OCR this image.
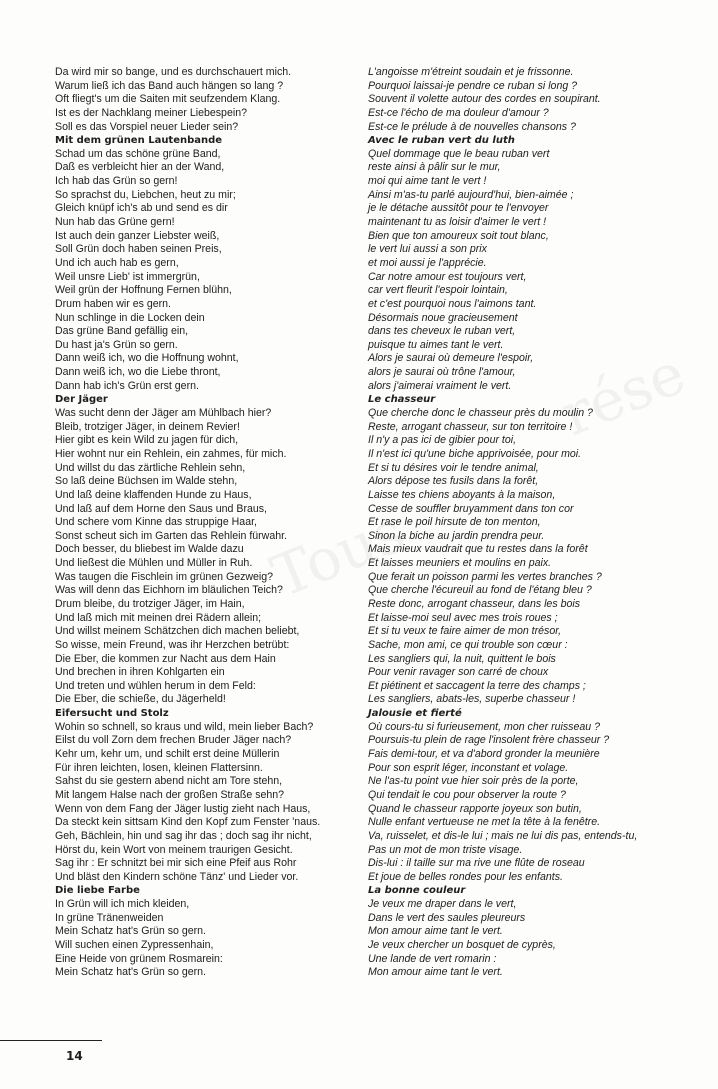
Tous
rése
Da wird mir so bange, und es durchschauert mich.
Warum ließ ich das Band auch hängen so lang ?
Oft fliegt's um die Saiten mit seufzendem Klang.
Ist es der Nachklang meiner Liebespein?
Soll es das Vorspiel neuer Lieder sein?
Mit dem grünen Lautenbande
Schad um das schöne grüne Band,
Daß es verbleicht hier an der Wand,
Ich hab das Grün so gern!
So sprachst du, Liebchen, heut zu mir;
Gleich knüpf ich's ab und send es dir
Nun hab das Grüne gern!
Ist auch dein ganzer Liebster weiß,
Soll Grün doch haben seinen Preis,
Und ich auch hab es gern,
Weil unsre Lieb' ist immergrün,
Weil grün der Hoffnung Fernen blühn,
Drum haben wir es gern.
Nun schlinge in die Locken dein
Das grüne Band gefällig ein,
Du hast ja's Grün so gern.
Dann weiß ich, wo die Hoffnung wohnt,
Dann weiß ich, wo die Liebe thront,
Dann hab ich's Grün erst gern.
Der Jäger
Was sucht denn der Jäger am Mühlbach hier?
Bleib, trotziger Jäger, in deinem Revier!
Hier gibt es kein Wild zu jagen für dich,
Hier wohnt nur ein Rehlein, ein zahmes, für mich.
Und willst du das zärtliche Rehlein sehn,
So laß deine Büchsen im Walde stehn,
Und laß deine klaffenden Hunde zu Haus,
Und laß auf dem Horne den Saus und Braus,
Und schere vom Kinne das struppige Haar,
Sonst scheut sich im Garten das Rehlein fürwahr.
Doch besser, du bliebest im Walde dazu
Und ließest die Mühlen und Müller in Ruh.
Was taugen die Fischlein im grünen Gezweig?
Was will denn das Eichhorn im bläulichen Teich?
Drum bleibe, du trotziger Jäger, im Hain,
Und laß mich mit meinen drei Rädern allein;
Und willst meinem Schätzchen dich machen beliebt,
So wisse, mein Freund, was ihr Herzchen betrübt:
Die Eber, die kommen zur Nacht aus dem Hain
Und brechen in ihren Kohlgarten ein
Und treten und wühlen herum in dem Feld:
Die Eber, die schieße, du Jägerheld!
Eifersucht und Stolz
Wohin so schnell, so kraus und wild, mein lieber Bach?
Eilst du voll Zorn dem frechen Bruder Jäger nach?
Kehr um, kehr um, und schilt erst deine Müllerin
Für ihren leichten, losen, kleinen Flattersinn.
Sahst du sie gestern abend nicht am Tore stehn,
Mit langem Halse nach der großen Straße sehn?
Wenn von dem Fang der Jäger lustig zieht nach Haus,
Da steckt kein sittsam Kind den Kopf zum Fenster 'naus.
Geh, Bächlein, hin und sag ihr das ; doch sag ihr nicht,
Hörst du, kein Wort von meinem traurigen Gesicht.
Sag ihr : Er schnitzt bei mir sich eine Pfeif aus Rohr
Und bläst den Kindern schöne Tänz' und Lieder vor.
Die liebe Farbe
In Grün will ich mich kleiden,
In grüne Tränenweiden
Mein Schatz hat's Grün so gern.
Will suchen einen Zypressenhain,
Eine Heide von grünem Rosmarein:
Mein Schatz hat's Grün so gern.
L'angoisse m'étreint soudain et je frissonne.
Pourquoi laissai-je pendre ce ruban si long ?
Souvent il volette autour des cordes en soupirant.
Est-ce l'écho de ma douleur d'amour ?
Est-ce le prélude à de nouvelles chansons ?
Avec le ruban vert du luth
Quel dommage que le beau ruban vert
reste ainsi à pâlir sur le mur,
moi qui aime tant le vert !
Ainsi m'as-tu parlé aujourd'hui, bien-aimée ;
je le détache aussitôt pour te l'envoyer
maintenant tu as loisir d'aimer le vert !
Bien que ton amoureux soit tout blanc,
le vert lui aussi a son prix
et moi aussi je l'apprécie.
Car notre amour est toujours vert,
car vert fleurit l'espoir lointain,
et c'est pourquoi nous l'aimons tant.
Désormais noue gracieusement
dans tes cheveux le ruban vert,
puisque tu aimes tant le vert.
Alors je saurai où demeure l'espoir,
alors je saurai où trône l'amour,
alors j'aimerai vraiment le vert.
Le chasseur
Que cherche donc le chasseur près du moulin ?
Reste, arrogant chasseur, sur ton territoire !
Il n'y a pas ici de gibier pour toi,
Il n'est ici qu'une biche apprivoisée, pour moi.
Et si tu désires voir le tendre animal,
Alors dépose tes fusils dans la forêt,
Laisse tes chiens aboyants à la maison,
Cesse de souffler bruyamment dans ton cor
Et rase le poil hirsute de ton menton,
Sinon la biche au jardin prendra peur.
Mais mieux vaudrait que tu restes dans la forêt
Et laisses meuniers et moulins en paix.
Que ferait un poisson parmi les vertes branches ?
Que cherche l'écureuil au fond de l'étang bleu ?
Reste donc, arrogant chasseur, dans les bois
Et laisse-moi seul avec mes trois roues ;
Et si tu veux te faire aimer de mon trésor,
Sache, mon ami, ce qui trouble son cœur :
Les sangliers qui, la nuit, quittent le bois
Pour venir ravager son carré de choux
Et piétinent et saccagent la terre des champs ;
Les sangliers, abats-les, superbe chasseur !
Jalousie et fierté
Où cours-tu si furieusement, mon cher ruisseau ?
Poursuis-tu plein de rage l'insolent frère chasseur ?
Fais demi-tour, et va d'abord gronder la meunière
Pour son esprit léger, inconstant et volage.
Ne l'as-tu point vue hier soir près de la porte,
Qui tendait le cou pour observer la route ?
Quand le chasseur rapporte joyeux son butin,
Nulle enfant vertueuse ne met la tête à la fenêtre.
Va, ruisselet, et dis-le lui ; mais ne lui dis pas, entends-tu,
Pas un mot de mon triste visage.
Dis-lui : il taille sur ma rive une flûte de roseau
Et joue de belles rondes pour les enfants.
La bonne couleur
Je veux me draper dans le vert,
Dans le vert des saules pleureurs
Mon amour aime tant le vert.
Je veux chercher un bosquet de cyprès,
Une lande de vert romarin :
Mon amour aime tant le vert.
14
